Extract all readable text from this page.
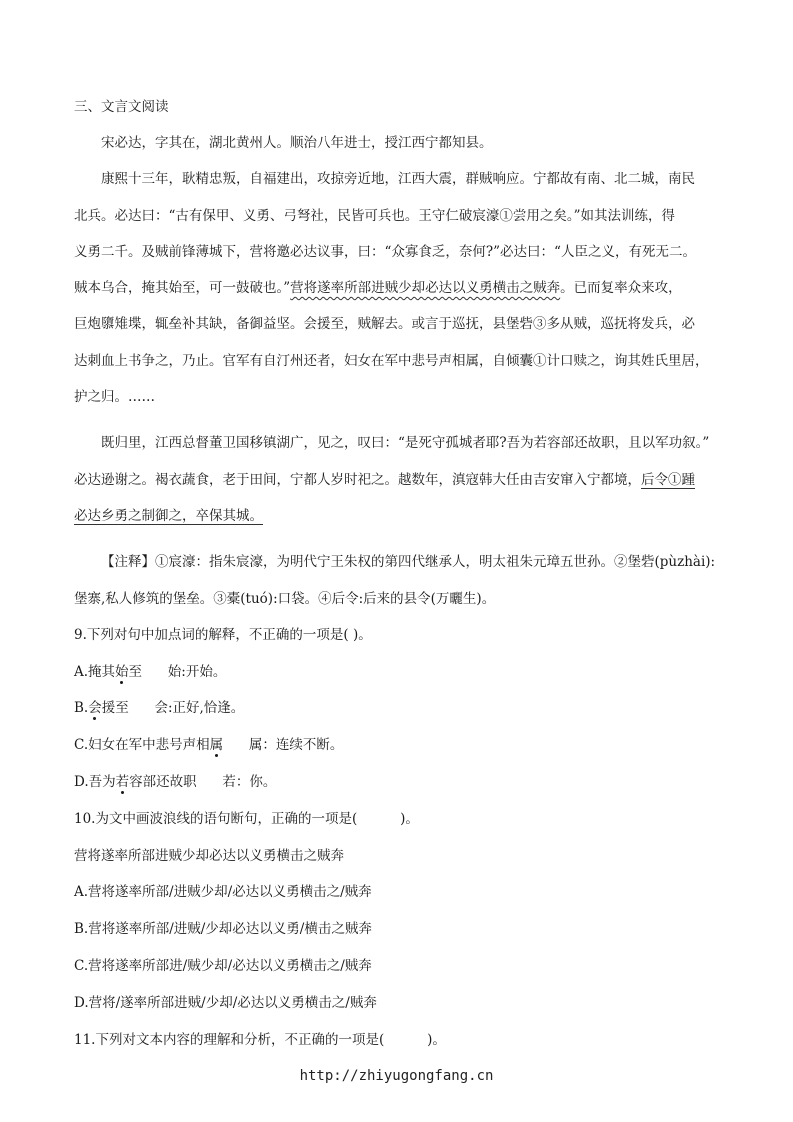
三、文言文阅读
宋必达，字其在，湖北黄州人。顺治八年进士，授江西宁都知县。
康熙十三年，耿精忠叛，自福建出，攻掠旁近地，江西大震，群贼响应。宁都故有南、北二城，南民
北兵。必达曰：“古有保甲、义勇、弓弩社，民皆可兵也。王守仁破宸濠①尝用之矣。”如其法训练，得
义勇二千。及贼前锋薄城下，营将邀必达议事，曰：“众寡食乏，奈何?”必达曰：“人臣之义，有死无二。
贼本乌合，掩其始至，可一鼓破也。”营将遂率所部进贼少却必达以义勇横击之贼奔。已而复率众来攻，
巨炮隳雉堞，辄垒补其缺，备御益坚。会援至，贼解去。或言于巡抚，县堡砦③多从贼，巡抚将发兵，必
达刺血上书争之，乃止。官军有自汀州还者，妇女在军中悲号声相属，自倾囊①计口赎之，询其姓氏里居，
护之归。……
既归里，江西总督董卫国移镇湖广，见之，叹曰：“是死守孤城者耶?吾为若容部还故职，且以军功叙。”
必达逊谢之。褐衣蔬食，老于田间，宁都人岁时祀之。越数年，滇寇韩大任由吉安窜入宁都境，后令①踵
必达乡勇之制御之，卒保其城。
【注释】①宸濠：指朱宸濠，为明代宁王朱权的第四代继承人，明太祖朱元璋五世孙。②堡砦(pùzhài):
堡寨,私人修筑的堡垒。③橐(tuó):口袋。④后令:后来的县令(万曬生)。
9.下列对句中加点词的解释，不正确的一项是( )。
A.掩其始至      始:开始。
B.会援至      会:正好,恰逢。
C.妇女在军中悲号声相属      属：连续不断。
D.吾为若容部还故职      若：你。
10.为文中画波浪线的语句断句，正确的一项是(          )。
营将遂率所部进贼少却必达以义勇横击之贼奔
A.营将遂率所部/进贼少却/必达以义勇横击之/贼奔
B.营将遂率所部/进贼/少却必达以义勇/横击之贼奔
C.营将遂率所部进/贼少却/必达以义勇横击之/贼奔
D.营将/遂率所部进贼/少却/必达以义勇横击之/贼奔
11.下列对文本内容的理解和分析，不正确的一项是(          )。
http://zhiyugongfang.cn
